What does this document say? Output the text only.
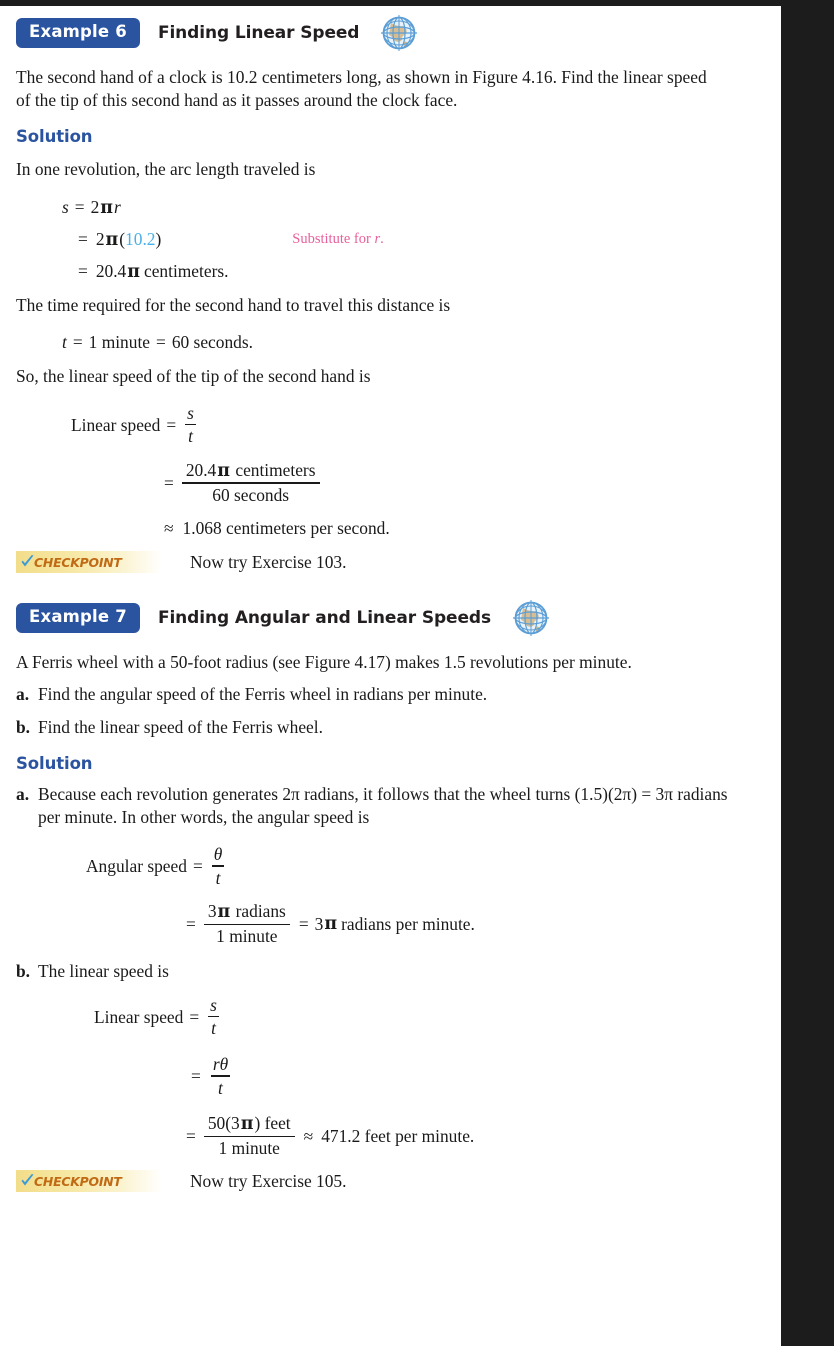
Example 6	Finding Linear Speed

The second hand of a clock is 10.2 centimeters long, as shown in Figure 4.16. Find the linear speed of the tip of this second hand as it passes around the clock face.

Solution

In one revolution, the arc length traveled is

s = 2 π r
= 2 π ( 10.2 )	Substitute for r.
= 20.4 π centimeters.

The time required for the second hand to travel this distance is

t = 1 minute = 60 seconds.

So, the linear speed of the tip of the second hand is

Linear speed = $\frac{s}{t}$
= $\frac{\text{20.4π centimeters}}{\text{60 seconds}}$
≈ 1.068 centimeters per second.
CHECKPOINT	Now try Exercise 103.
Example 7	Finding Angular and Linear Speeds

A Ferris wheel with a 50-foot radius (see Figure 4.17) makes 1.5 revolutions per minute.

a. Find the angular speed of the Ferris wheel in radians per minute.
b. Find the linear speed of the Ferris wheel.
Solution
a. Because each revolution generates 2π radians, it follows that the wheel turns (1.5)(2π) = 3π radians per minute. In other words, the angular speed is
Angular speed = $\frac{\theta}{t}$
= $\frac{\text{3π radians}}{\text{1 minute}} = 3$ π radians per minute.
b. The linear speed is
Linear speed = $\frac{s}{t}$
= $\frac{r\theta}{t}$
= $\frac{\text{50(3π) feet}}{\text{1 minute}} \approx 471.2$ feet per minute.
CHECKPOINT	Now try Exercise 105.
